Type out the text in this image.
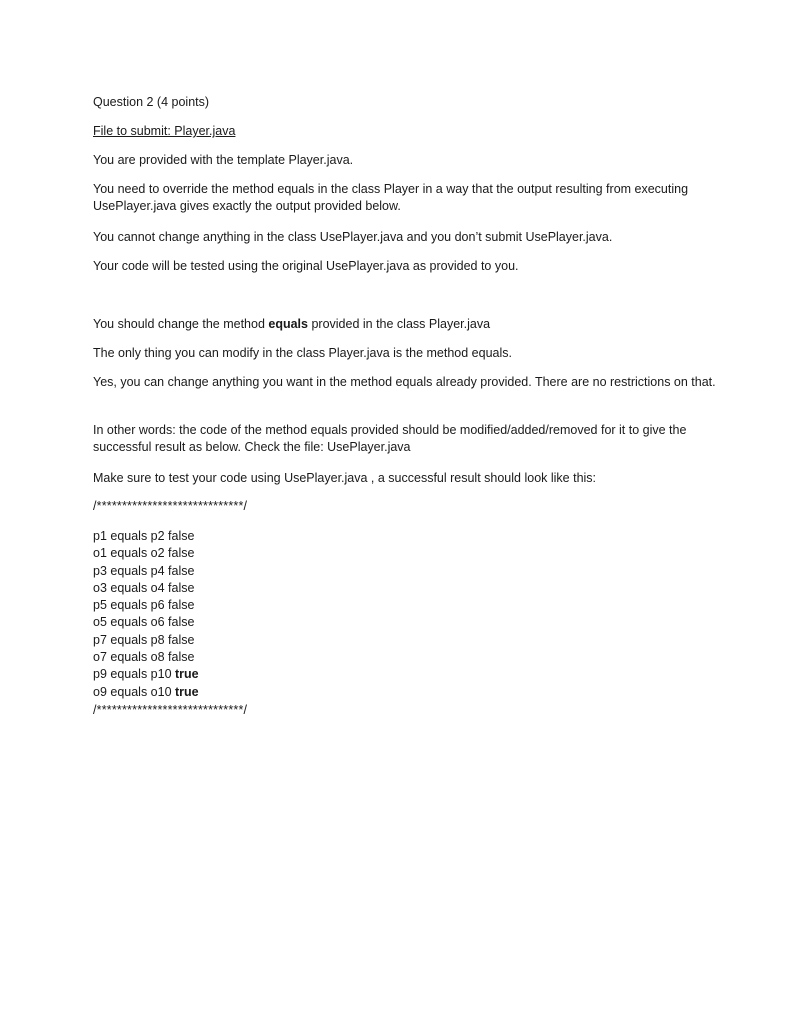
Question 2 (4 points)
File to submit: Player.java
You are provided with the template Player.java.
You need to override the method equals in the class Player in a way that the output resulting from executing UsePlayer.java gives exactly the output provided below.
You cannot change anything in the class UsePlayer.java and you don’t submit UsePlayer.java.
Your code will be tested using the original UsePlayer.java as provided to you.
You should change the method equals provided in the class Player.java
The only thing you can modify in the class Player.java is the method equals.
Yes, you can change anything you want in the method equals already provided. There are no restrictions on that.
In other words: the code of the method equals provided should be modified/added/removed for it to give the successful result as below. Check the file: UsePlayer.java
Make sure to test your code using UsePlayer.java , a successful result should look like this:
/*****************************/
p1 equals p2 false
o1 equals o2 false
p3 equals p4 false
o3 equals o4 false
p5 equals p6 false
o5 equals o6 false
p7 equals p8 false
o7 equals o8 false
p9 equals p10 true
o9 equals o10 true
/*****************************/
